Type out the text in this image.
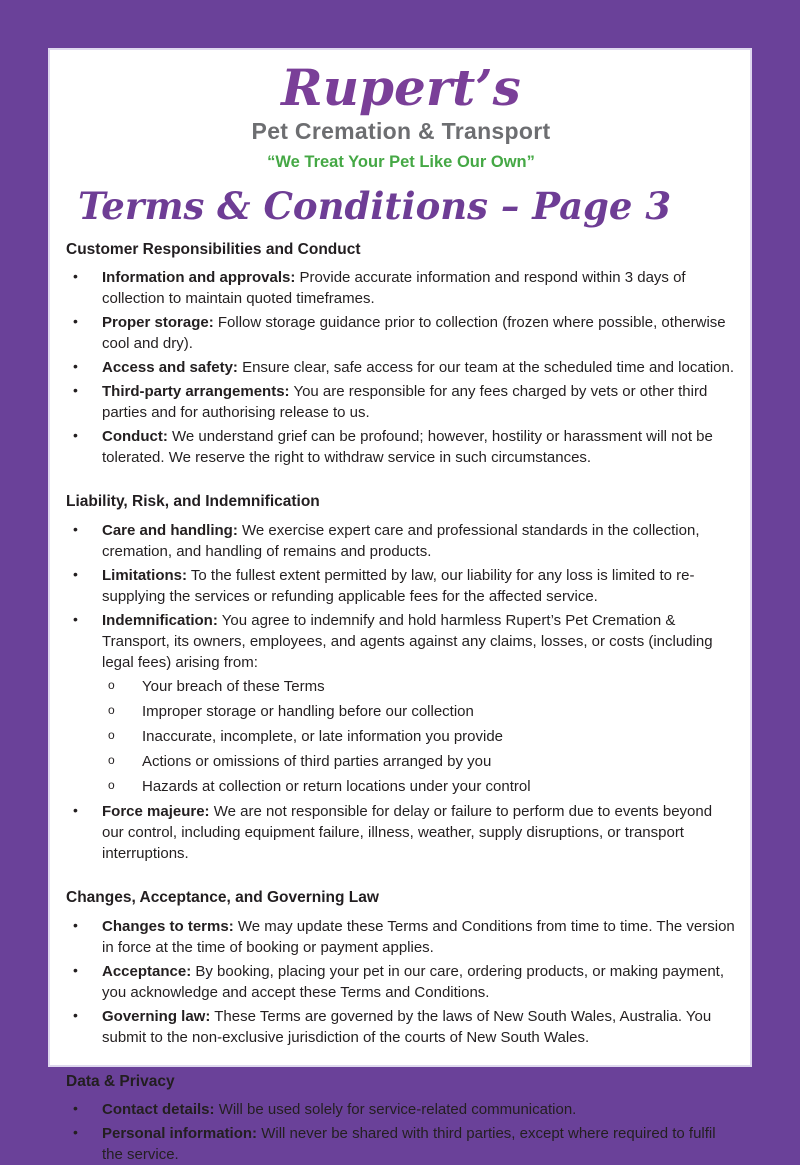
Rupert’s
Pet Cremation & Transport
“We Treat Your Pet Like Our Own”
Terms & Conditions – Page 3
Customer Responsibilities and Conduct
• Information and approvals: Provide accurate information and respond within 3 days of collection to maintain quoted timeframes.
• Proper storage: Follow storage guidance prior to collection (frozen where possible, otherwise cool and dry).
• Access and safety: Ensure clear, safe access for our team at the scheduled time and location.
• Third-party arrangements: You are responsible for any fees charged by vets or other third parties and for authorising release to us.
• Conduct: We understand grief can be profound; however, hostility or harassment will not be tolerated. We reserve the right to withdraw service in such circumstances.
Liability, Risk, and Indemnification
• Care and handling: We exercise expert care and professional standards in the collection, cremation, and handling of remains and products.
• Limitations: To the fullest extent permitted by law, our liability for any loss is limited to re-supplying the services or refunding applicable fees for the affected service.
• Indemnification: You agree to indemnify and hold harmless Rupert’s Pet Cremation & Transport, its owners, employees, and agents against any claims, losses, or costs (including legal fees) arising from:
o Your breach of these Terms
o Improper storage or handling before our collection
o Inaccurate, incomplete, or late information you provide
o Actions or omissions of third parties arranged by you
o Hazards at collection or return locations under your control
• Force majeure: We are not responsible for delay or failure to perform due to events beyond our control, including equipment failure, illness, weather, supply disruptions, or transport interruptions.
Changes, Acceptance, and Governing Law
• Changes to terms: We may update these Terms and Conditions from time to time. The version in force at the time of booking or payment applies.
• Acceptance: By booking, placing your pet in our care, ordering products, or making payment, you acknowledge and accept these Terms and Conditions.
• Governing law: These Terms are governed by the laws of New South Wales, Australia. You submit to the non-exclusive jurisdiction of the courts of New South Wales.
Data & Privacy
• Contact details: Will be used solely for service-related communication.
• Personal information: Will never be shared with third parties, except where required to fulfil the service.
